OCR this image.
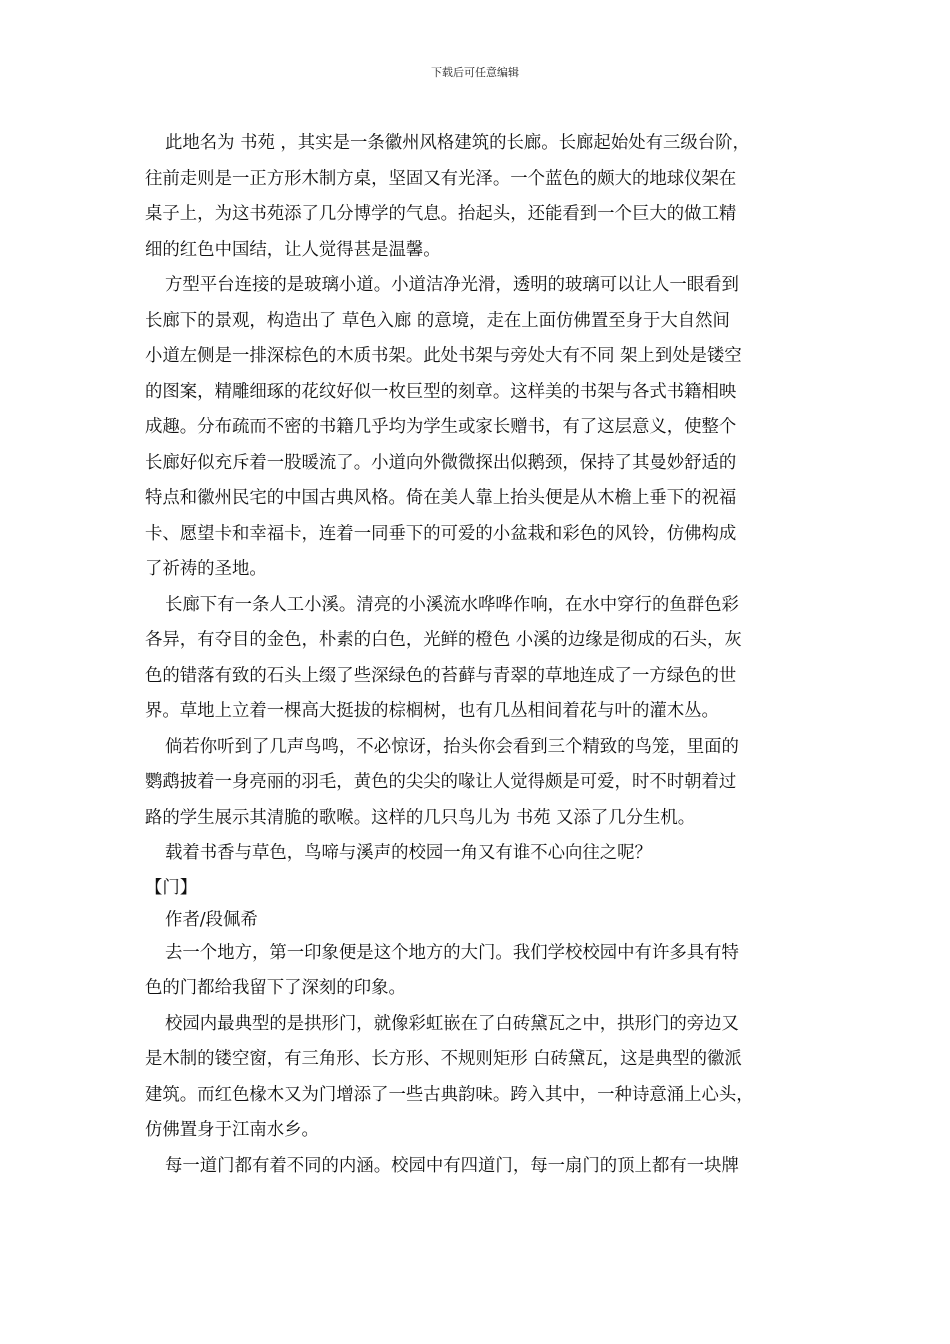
下载后可任意编辑
此地名为 书苑 ，其实是一条徽州风格建筑的长廊。长廊起始处有三级台阶，
往前走则是一正方形木制方桌，坚固又有光泽。一个蓝色的颇大的地球仪架在
桌子上，为这书苑添了几分博学的气息。抬起头，还能看到一个巨大的做工精
细的红色中国结，让人觉得甚是温馨。
方型平台连接的是玻璃小道。小道洁净光滑，透明的玻璃可以让人一眼看到
长廊下的景观，构造出了 草色入廊 的意境，走在上面仿佛置至身于大自然间
小道左侧是一排深棕色的木质书架。此处书架与旁处大有不同 架上到处是镂空
的图案，精雕细琢的花纹好似一枚巨型的刻章。这样美的书架与各式书籍相映
成趣。分布疏而不密的书籍几乎均为学生或家长赠书，有了这层意义，使整个
长廊好似充斥着一股暖流了。小道向外微微探出似鹅颈，保持了其曼妙舒适的
特点和徽州民宅的中国古典风格。倚在美人靠上抬头便是从木檐上垂下的祝福
卡、愿望卡和幸福卡，连着一同垂下的可爱的小盆栽和彩色的风铃，仿佛构成
了祈祷的圣地。
长廊下有一条人工小溪。清亮的小溪流水哗哗作响，在水中穿行的鱼群色彩
各异，有夺目的金色，朴素的白色，光鲜的橙色 小溪的边缘是彻成的石头，灰
色的错落有致的石头上缀了些深绿色的苔藓与青翠的草地连成了一方绿色的世
界。草地上立着一棵高大挺拔的棕榈树，也有几丛相间着花与叶的灌木丛。
倘若你听到了几声鸟鸣，不必惊讶，抬头你会看到三个精致的鸟笼，里面的
鹦鹉披着一身亮丽的羽毛，黄色的尖尖的喙让人觉得颇是可爱，时不时朝着过
路的学生展示其清脆的歌喉。这样的几只鸟儿为 书苑 又添了几分生机。
载着书香与草色，鸟啼与溪声的校园一角又有谁不心向往之呢？
【门】
作者/段佩希
去一个地方，第一印象便是这个地方的大门。我们学校校园中有许多具有特
色的门都给我留下了深刻的印象。
校园内最典型的是拱形门，就像彩虹嵌在了白砖黛瓦之中，拱形门的旁边又
是木制的镂空窗，有三角形、长方形、不规则矩形 白砖黛瓦，这是典型的徽派
建筑。而红色椽木又为门增添了一些古典韵味。跨入其中，一种诗意涌上心头，
仿佛置身于江南水乡。
每一道门都有着不同的内涵。校园中有四道门，每一扇门的顶上都有一块牌
